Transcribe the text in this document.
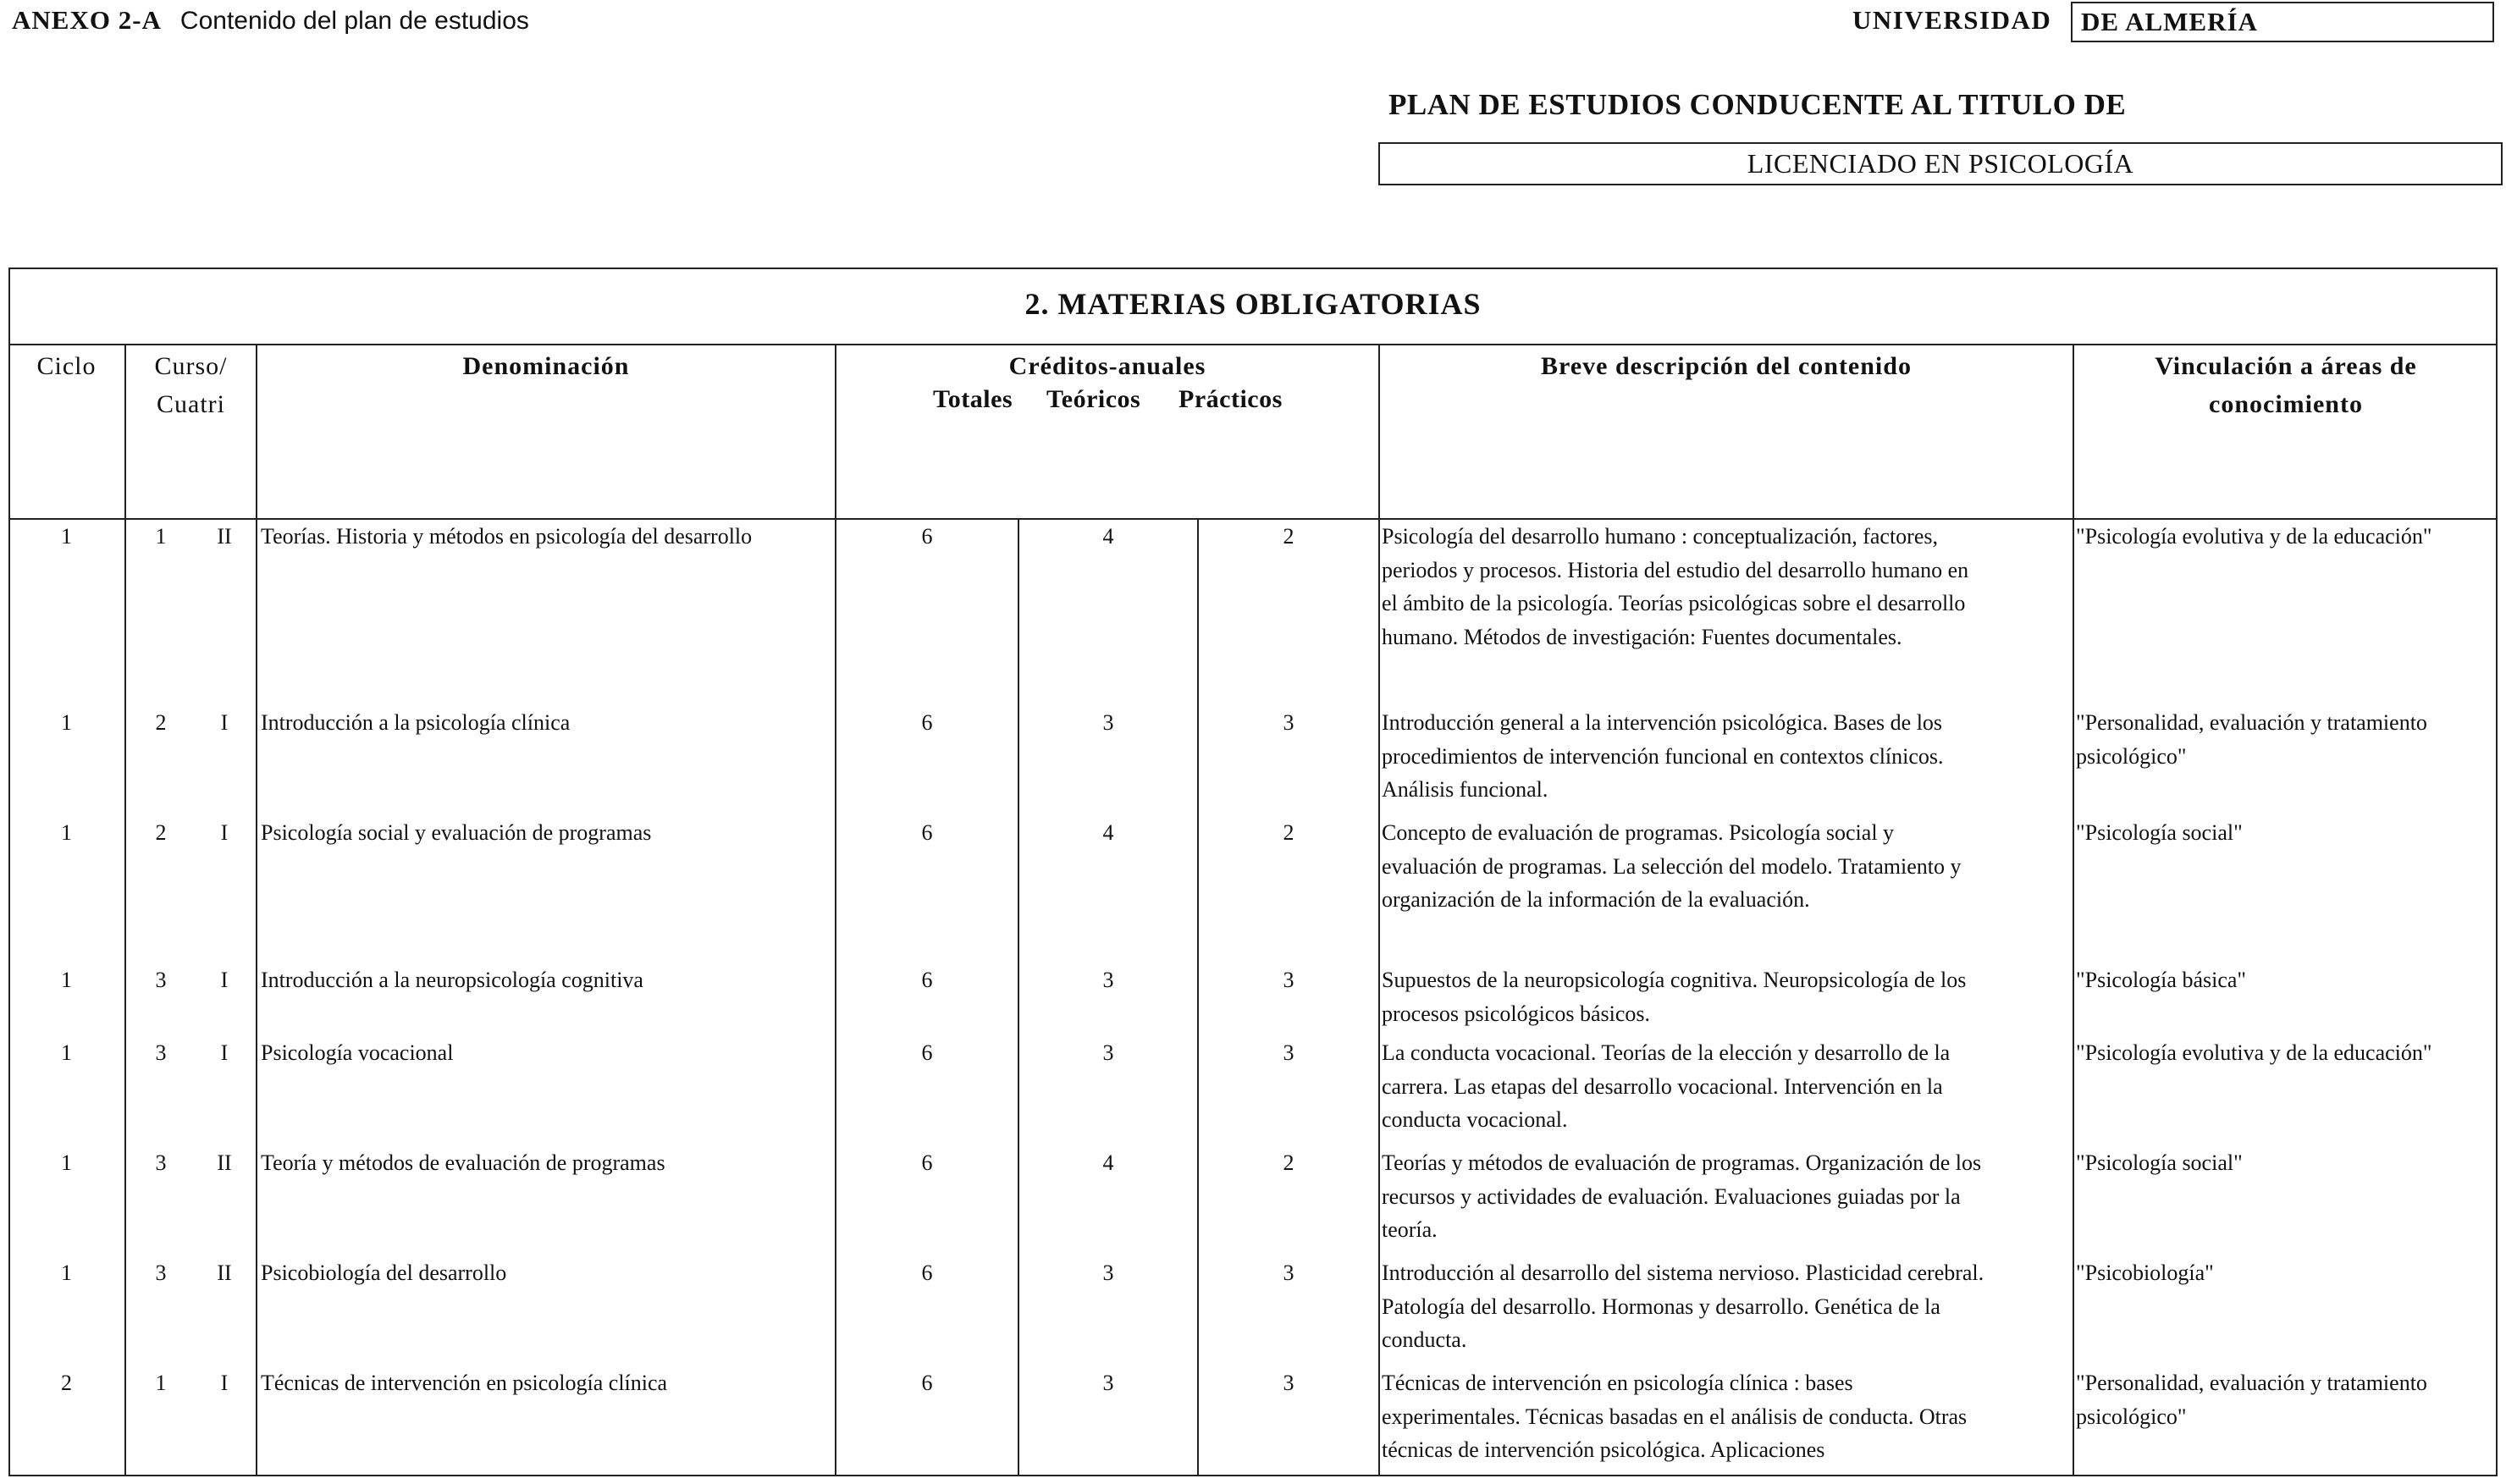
ANEXO 2-A Contenido del plan de estudios	UNIVERSIDAD	DE ALMERÍA
PLAN DE ESTUDIOS CONDUCENTE AL TITULO DE
LICENCIADO EN PSICOLOGÍA
2. MATERIAS OBLIGATORIAS
Ciclo	Curso/
Cuatri
Denominación	Créditos-anuales
Totales Teóricos Prácticos
Breve descripción del contenido	Vinculación a áreas de
conocimiento
1	1	II	Teorías. Historia y métodos en psicología del desarrollo	6	4	2	Psicología del desarrollo humano : conceptualización, factores,
periodos y procesos. Historia del estudio del desarrollo humano en
el ámbito de la psicología. Teorías psicológicas sobre el desarrollo
humano. Métodos de investigación: Fuentes documentales.
"Psicología evolutiva y de la educación"
1	2	I	Introducción a la psicología clínica	6	3	3	Introducción general a la intervención psicológica. Bases de los
procedimientos de intervención funcional en contextos clínicos.
Análisis funcional.
"Personalidad, evaluación y tratamiento
psicológico"
1	2	I	Psicología social y evaluación de programas	6	4	2	Concepto de evaluación de programas. Psicología social y
evaluación de programas. La selección del modelo. Tratamiento y
organización de la información de la evaluación.
"Psicología social"
1	3	I	Introducción a la neuropsicología cognitiva	6	3	3	Supuestos de la neuropsicología cognitiva. Neuropsicología de los
procesos psicológicos básicos.
"Psicología básica"
1	3	I	Psicología vocacional	6	3	3	La conducta vocacional. Teorías de la elección y desarrollo de la
carrera. Las etapas del desarrollo vocacional. Intervención en la
conducta vocacional.
"Psicología evolutiva y de la educación"
1	3	II	Teoría y métodos de evaluación de programas	6	4	2	Teorías y métodos de evaluación de programas. Organización de los
recursos y actividades de evaluación. Evaluaciones guiadas por la
teoría.
"Psicología social"
1	3	II	Psicobiología del desarrollo	6	3	3	Introducción al desarrollo del sistema nervioso. Plasticidad cerebral.
Patología del desarrollo. Hormonas y desarrollo. Genética de la
conducta.
"Psicobiología"
2	1	I	Técnicas de intervención en psicología clínica	6	3	3	Técnicas de intervención en psicología clínica : bases
experimentales. Técnicas basadas en el análisis de conducta. Otras
técnicas de intervención psicológica. Aplicaciones
"Personalidad, evaluación y tratamiento
psicológico"
